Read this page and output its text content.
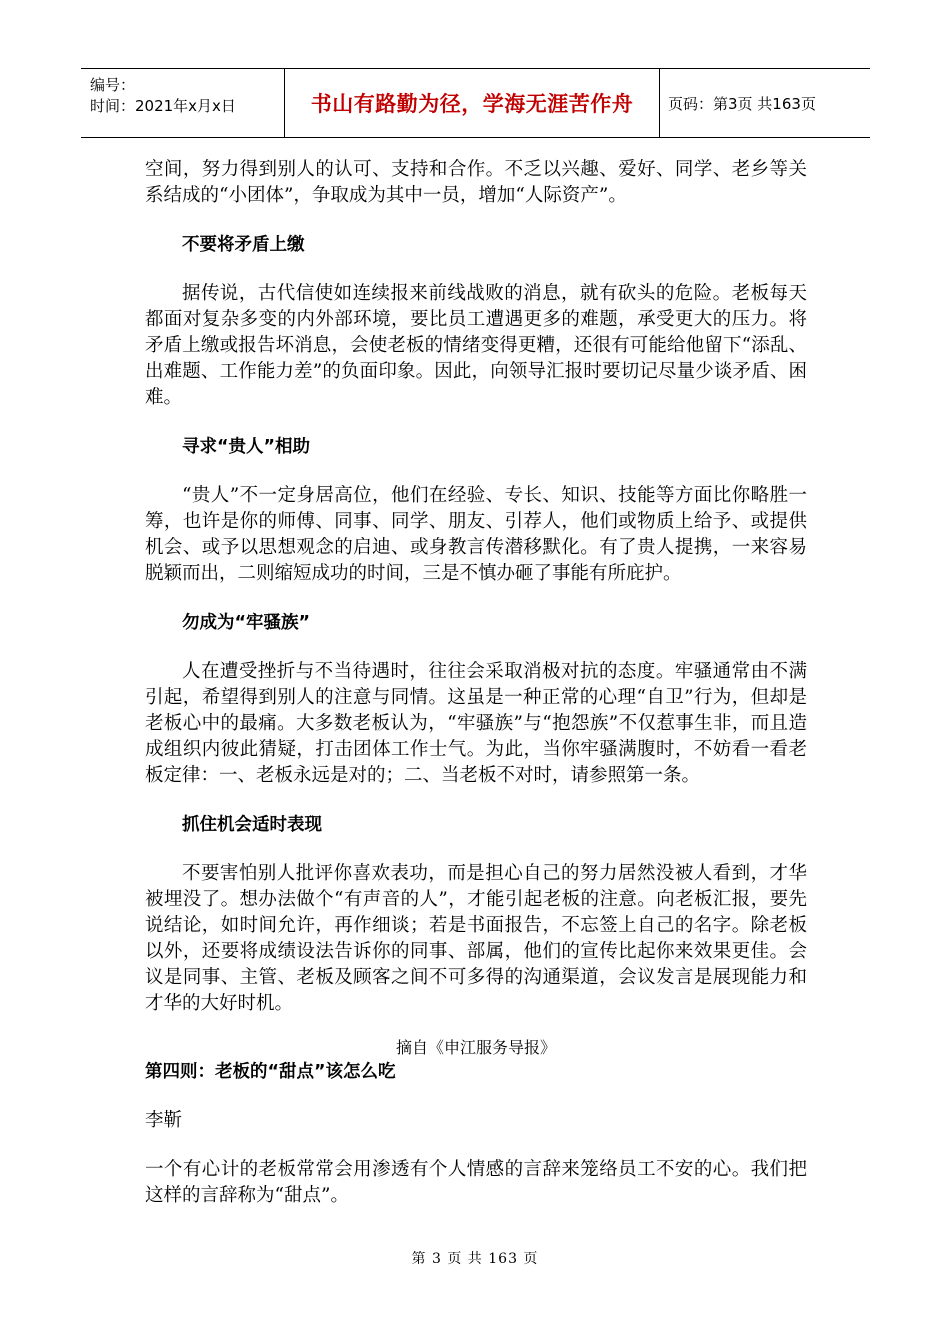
编号：
时间：2021年x月x日	书山有路勤为径，学海无涯苦作舟 页码：第3页 共163页

空间，努力得到别人的认可、支持和合作。不乏以兴趣、爱好、同学、老乡等关系结成的“小团体”，争取成为其中一员，增加“人际资产”。

不要将矛盾上缴

据传说，古代信使如连续报来前线战败的消息，就有砍头的危险。老板每天都面对复杂多变的内外部环境，要比员工遭遇更多的难题，承受更大的压力。将矛盾上缴或报告坏消息，会使老板的情绪变得更糟，还很有可能给他留下“添乱、出难题、工作能力差”的负面印象。因此，向领导汇报时要切记尽量少谈矛盾、困难。

寻求“贵人”相助

“贵人”不一定身居高位，他们在经验、专长、知识、技能等方面比你略胜一筹，也许是你的师傅、同事、同学、朋友、引荐人，他们或物质上给予、或提供机会、或予以思想观念的启迪、或身教言传潜移默化。有了贵人提携，一来容易脱颖而出，二则缩短成功的时间，三是不慎办砸了事能有所庇护。

勿成为“牢骚族”

人在遭受挫折与不当待遇时，往往会采取消极对抗的态度。牢骚通常由不满引起，希望得到别人的注意与同情。这虽是一种正常的心理“自卫”行为，但却是老板心中的最痛。大多数老板认为，“牢骚族”与“抱怨族”不仅惹事生非，而且造成组织内彼此猜疑，打击团体工作士气。为此，当你牢骚满腹时，不妨看一看老板定律：一、老板永远是对的；二、当老板不对时，请参照第一条。

抓住机会适时表现

不要害怕别人批评你喜欢表功，而是担心自己的努力居然没被人看到，才华被埋没了。想办法做个“有声音的人”，才能引起老板的注意。向老板汇报，要先说结论，如时间允许，再作细谈；若是书面报告，不忘签上自己的名字。除老板以外，还要将成绩设法告诉你的同事、部属，他们的宣传比起你来效果更佳。会议是同事、主管、老板及顾客之间不可多得的沟通渠道，会议发言是展现能力和才华的大好时机。

摘自《申江服务导报》

第四则：老板的“甜点”该怎么吃

李靳

一个有心计的老板常常会用渗透有个人情感的言辞来笼络员工不安的心。我们把这样的言辞称为“甜点”。

第 3 页 共 163 页
